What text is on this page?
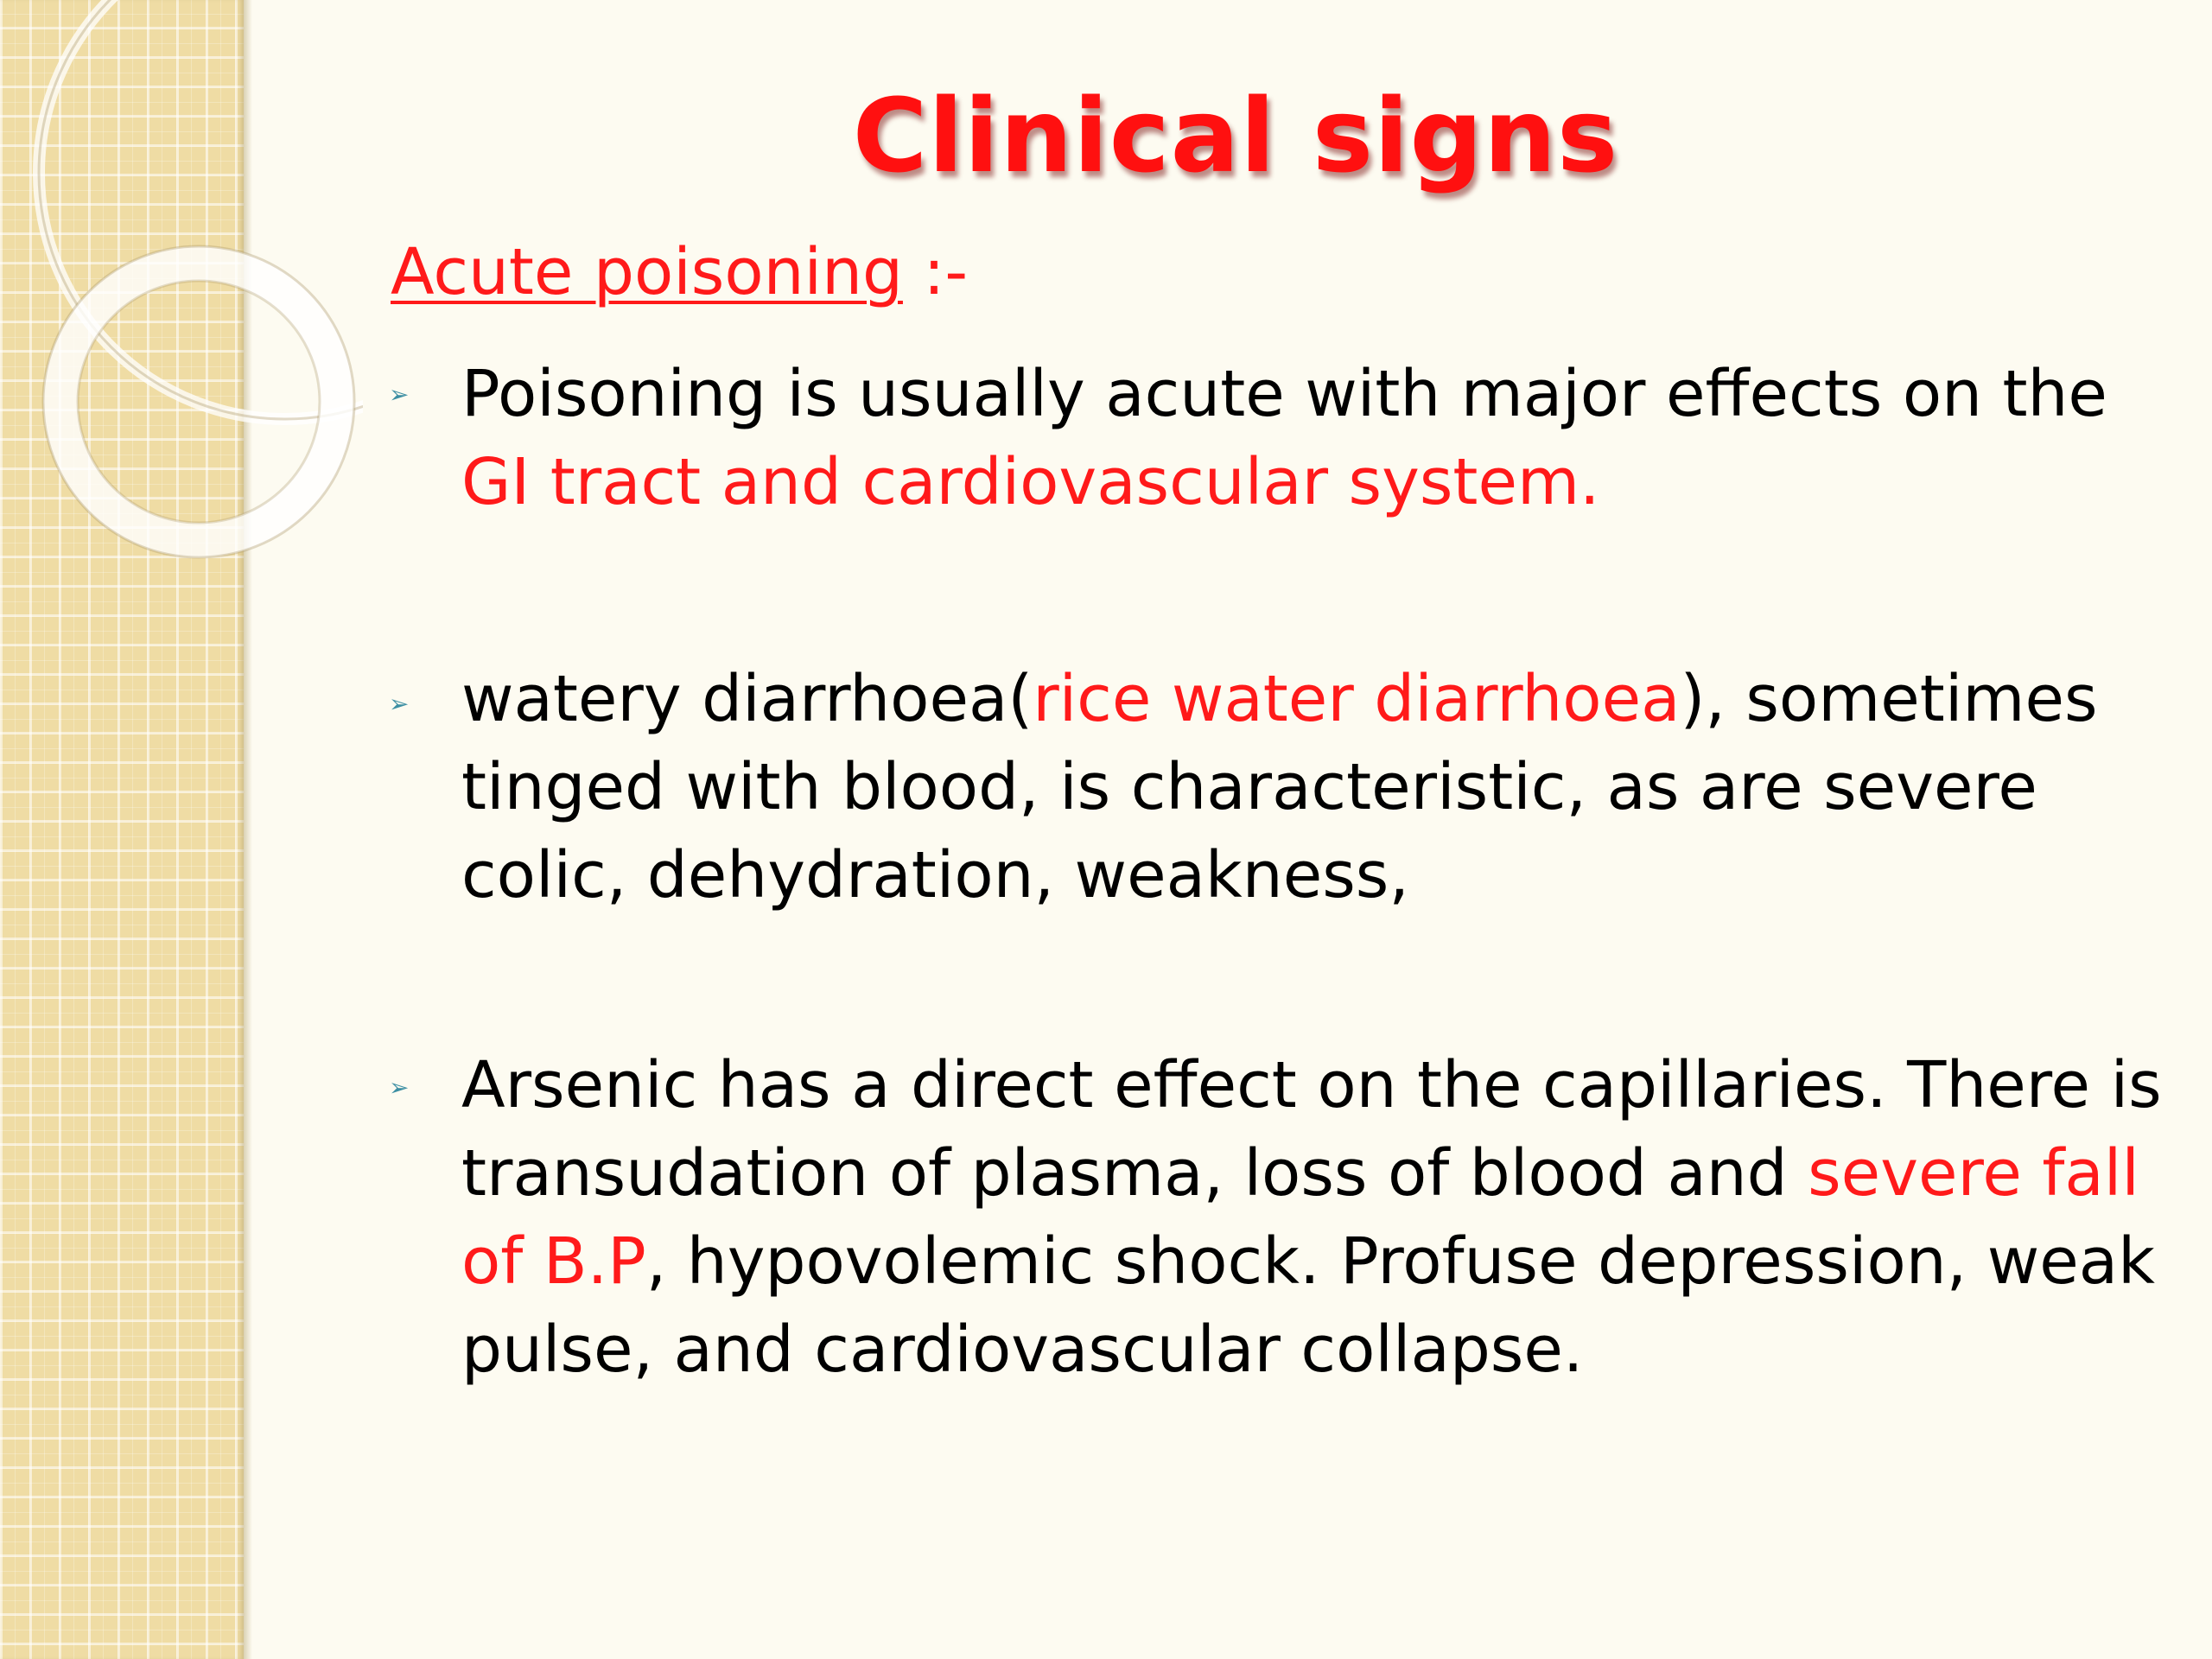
Clinical signs
Acute poisoning :-
➢ Poisoning is usually acute with major effects on the GI tract and cardiovascular system.
➢ watery diarrhoea(rice water diarrhoea), sometimes tinged with blood, is characteristic, as are severe colic, dehydration, weakness,
➢ Arsenic has a direct effect on the capillaries. There is transudation of plasma, loss of blood and severe fall of B.P, hypovolemic shock. Profuse depression, weak pulse, and cardiovascular collapse.
